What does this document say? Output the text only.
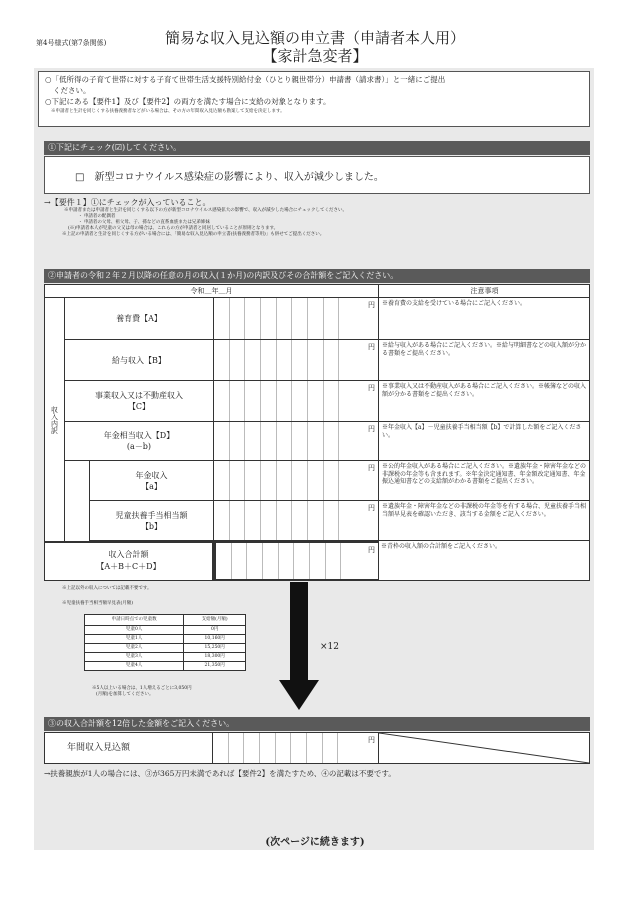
第4号様式(第7条関係)	簡易な収入見込額の申立書（申請者本人用）
【家計急変者】
○「低所得の子育て世帯に対する子育て世帯生活支援特別給付金（ひとり親世帯分）申請書（請求書）」と一緒にご提出
ください。
○下記にある【要件1】及び【要件2】の両方を満たす場合に支給の対象となります。
※申請者と生計を同じくする扶養義務者などがいる場合は、その方の年間収入見込額も勘案して支給を決定します。
①下記にチェック(☑)してください。
□　新型コロナウイルス感染症の影響により、収入が減少しました。
→【要件１】①にチェックが入っていること。
※申請者または申請者と生計を同じくする以下の方が新型コロナウイルス感染拡大の影響で、収入が減少した場合にチェックしてください。
・ 申請者の配偶者
・ 申請者の父母、祖父母、子、孫などの直系血族または兄弟姉妹
(※)申請者本人が児童の父又は母の場合は、これらの方が申請者と同居していることが原則となります。
※上記の申請者と生計を同じくする方がいる場合には、「簡易な収入見込額の申立書(扶養義務者等用)」も併せてご提出ください。
②申請者の令和２年２月以降の任意の月の収入(１か月)の内訳及びその合計額をご記入ください。
令和＿年＿月	注意事項
収入内訳
養育費【A】
円	※養育費の支給を受けている場合にご記入ください。
給与収入【B】
円	※給与収入がある場合にご記入ください。※給与明細書などの収入額が分かる書類をご提出ください。
事業収入又は不動産収入
【C】
円	※事業収入又は不動産収入がある場合にご記入ください。※帳簿などの収入額が分かる書類をご提出ください。
年金相当収入【D】
(a－b)
円	※年金収入【a】－児童扶養手当相当額【b】で計算した額をご記入ください。
年金収入
【a】
円	※公的年金収入がある場合にご記入ください。※遺族年金・障害年金などの非課税の年金等も含まれます。※年金決定通知書、年金額改定通知書、年金振込通知書などの支給額がわかる書類をご提出ください。
児童扶養手当相当額
【b】
円	※遺族年金・障害年金などの非課税の年金等を有する場合、児童扶養手当相当額早見表を確認いただき、該当する金額をご記入ください。
収入合計額
【A＋B＋C＋D】
円 ※青枠の収入額の合計額をご記入ください。
※上記以外の収入については記載不要です。
※児童扶養手当相当額早見表(月額)
申請日時点での児童数	支給額(月額)
児童0人	0円
児童1人	10,160円
児童2人	15,250円
児童3人	18,300円
児童4人	21,350円
※5人以上いる場合は、1人増えるごとに3,050円
(月額)を加算してください。
×12
③の収入合計額を12倍した金額をご記入ください。
年間収入見込額
円
→扶養親族が1人の場合には、③が365万円未満であれば【要件2】を満たすため、④の記載は不要です。
(次ページに続きます)
